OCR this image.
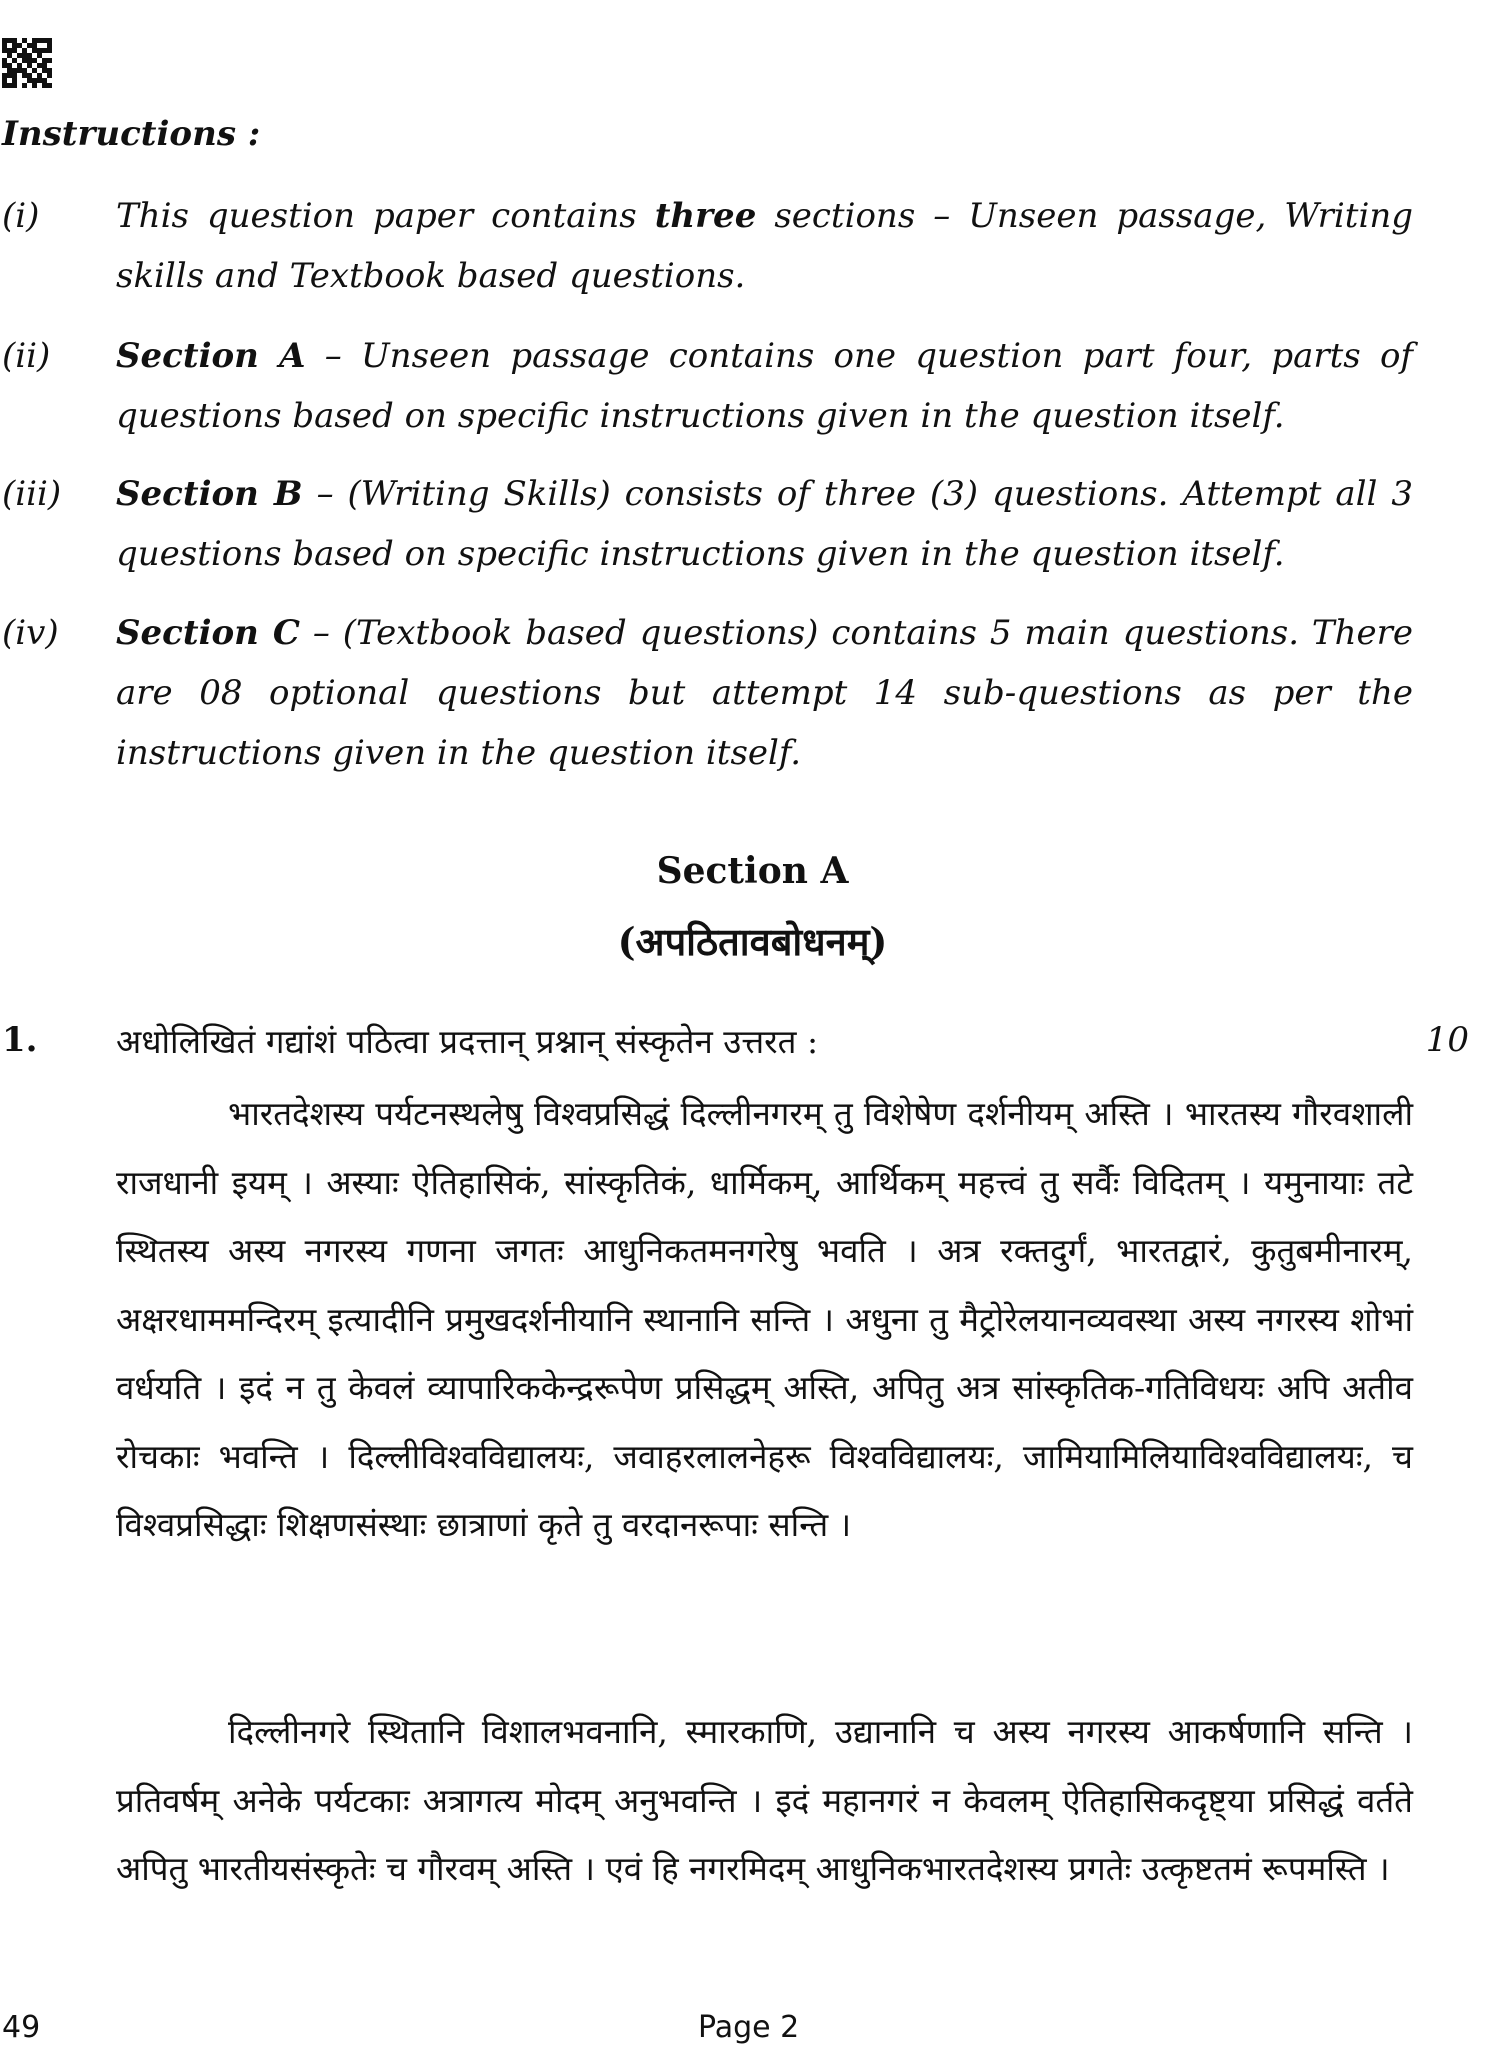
Instructions :
(i) This question paper contains three sections – Unseen passage, Writing skills and Textbook based questions.
(ii) Section A – Unseen passage contains one question part four, parts of questions based on specific instructions given in the question itself.
(iii) Section B – (Writing Skills) consists of three (3) questions. Attempt all 3 questions based on specific instructions given in the question itself.
(iv) Section C – (Textbook based questions) contains 5 main questions. There are 08 optional questions but attempt 14 sub-questions as per the instructions given in the question itself.
Section A
(अपठितावबोधनम्)
1. अधोलिखितं गद्यांशं पठित्वा प्रदत्तान् प्रश्नान् संस्कृतेन उत्तरत :	10

भारतदेशस्य पर्यटनस्थलेषु विश्वप्रसिद्धं दिल्लीनगरम् तु विशेषेण दर्शनीयम् अस्ति । भारतस्य गौरवशाली राजधानी इयम् । अस्याः ऐतिहासिकं, सांस्कृतिकं, धार्मिकम्, आर्थिकम् महत्त्वं तु सर्वैः विदितम् । यमुनायाः तटे स्थितस्य अस्य नगरस्य गणना जगतः आधुनिकतमनगरेषु भवति । अत्र रक्तदुर्गं, भारतद्वारं, कुतुबमीनारम्, अक्षरधाममन्दिरम् इत्यादीनि प्रमुखदर्शनीयानि स्थानानि सन्ति । अधुना तु मैट्रोरेलयानव्यवस्था अस्य नगरस्य शोभां वर्धयति । इदं न तु केवलं व्यापारिककेन्द्ररूपेण प्रसिद्धम् अस्ति, अपितु अत्र सांस्कृतिक-गतिविधयः अपि अतीव रोचकाः भवन्ति । दिल्लीविश्वविद्यालयः, जवाहरलालनेहरू विश्वविद्यालयः, जामियामिलियाविश्वविद्यालयः, च विश्वप्रसिद्धाः शिक्षणसंस्थाः छात्राणां कृते तु वरदानरूपाः सन्ति ।

दिल्लीनगरे स्थितानि विशालभवनानि, स्मारकाणि, उद्यानानि च अस्य नगरस्य आकर्षणानि सन्ति । प्रतिवर्षम् अनेके पर्यटकाः अत्रागत्य मोदम् अनुभवन्ति । इदं महानगरं न केवलम् ऐतिहासिकदृष्ट्या प्रसिद्धं वर्तते अपितु भारतीयसंस्कृतेः च गौरवम् अस्ति । एवं हि नगरमिदम् आधुनिकभारतदेशस्य प्रगतेः उत्कृष्टतमं रूपमस्ति ।

49	Page 2
